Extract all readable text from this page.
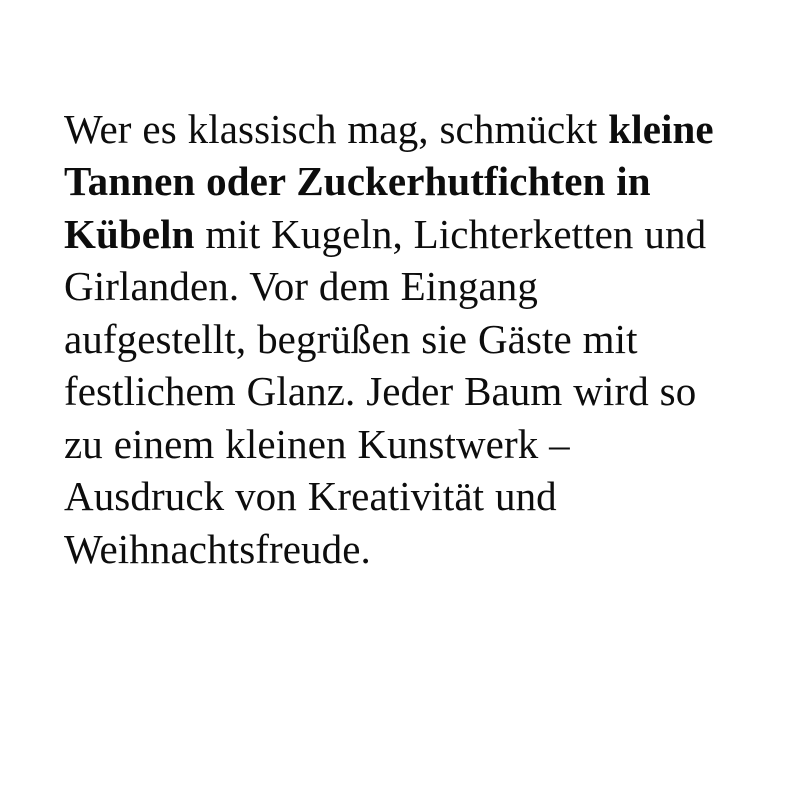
Wer es klassisch mag, schmückt kleine Tannen oder Zuckerhutfichten in Kübeln mit Kugeln, Lichterketten und Girlanden. Vor dem Eingang aufgestellt, begrüßen sie Gäste mit festlichem Glanz. Jeder Baum wird so zu einem kleinen Kunstwerk – Ausdruck von Kreativität und Weihnachtsfreude.
